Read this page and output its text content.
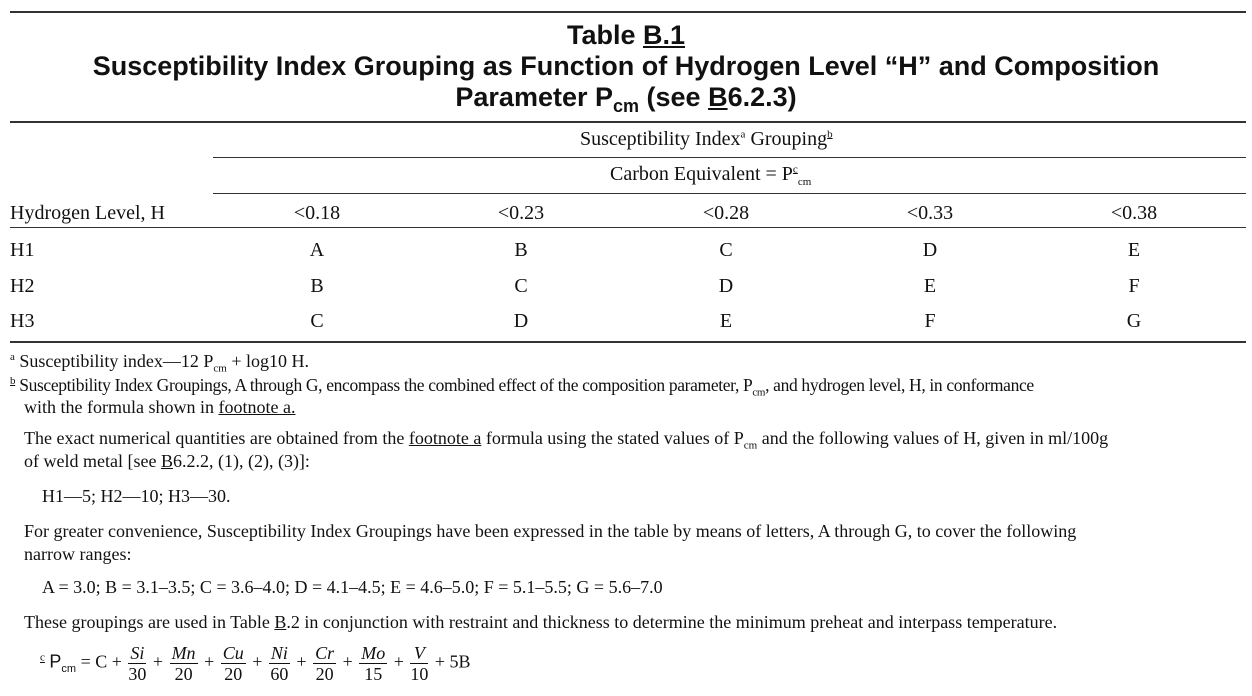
Table B.1
Susceptibility Index Grouping as Function of Hydrogen Level “H” and Composition
Parameter $P_{cm}$ (see B6.2.3)
Susceptibility Index$^a$ Grouping$^b$
Carbon Equivalent = $P^c_{cm}$
Hydrogen Level, H	<0.18	<0.23	<0.28	<0.33	<0.38
H1	A	B	C	D	E
H2	B	C	D	E	F
H3	C	D	E	F	G
$^a$ Susceptibility index—12 $P_{cm} + \log 10$ H.
$^b$ Susceptibility Index Groupings, A through G, encompass the combined effect of the composition parameter, $P_{cm}$, and hydrogen level, H, in conformance
with the formula shown in footnote a.
The exact numerical quantities are obtained from the footnote a formula using the stated values of $P_{cm}$ and the following values of H, given in ml/100g
of weld metal [see B6.2.2, (1), (2), (3)]:
H1—5; H2—10; H3—30.
For greater convenience, Susceptibility Index Groupings have been expressed in the table by means of letters, A through G, to cover the following
narrow ranges:
A = 3.0; B = 3.1–3.5; C = 3.6–4.0; D = 4.1–4.5; E = 4.6–5.0; F = 5.1–5.5; G = 5.6–7.0
These groupings are used in Table B.2 in conjunction with restraint and thickness to determine the minimum preheat and interpass temperature.
$^c$ $P_{cm} = C + \frac{Si}{30} + \frac{Mn}{20} + \frac{Cu}{20} + \frac{Ni}{60} + \frac{Cr}{20} + \frac{Mo}{15} + \frac{V}{10} + 5B$
